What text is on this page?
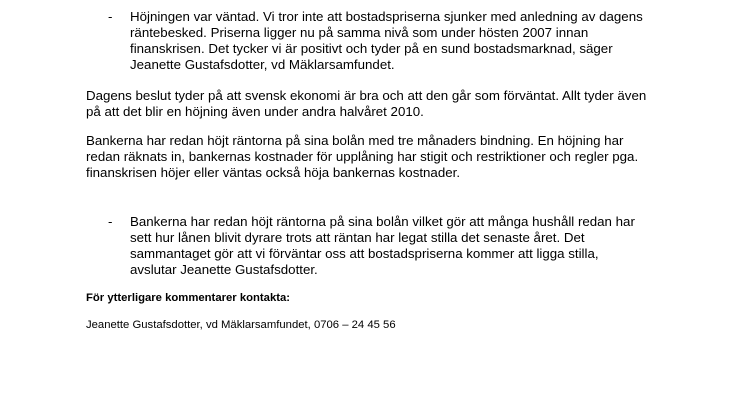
- Höjningen var väntad. Vi tror inte att bostadspriserna sjunker med anledning av dagens räntebesked. Priserna ligger nu på samma nivå som under hösten 2007 innan finanskrisen. Det tycker vi är positivt och tyder på en sund bostadsmarknad, säger Jeanette Gustafsdotter, vd Mäklarsamfundet.
Dagens beslut tyder på att svensk ekonomi är bra och att den går som förväntat. Allt tyder även på att det blir en höjning även under andra halvåret 2010.
Bankerna har redan höjt räntorna på sina bolån med tre månaders bindning. En höjning har redan räknats in, bankernas kostnader för upplåning har stigit och restriktioner och regler pga. finanskrisen höjer eller väntas också höja bankernas kostnader.
- Bankerna har redan höjt räntorna på sina bolån vilket gör att många hushåll redan har sett hur lånen blivit dyrare trots att räntan har legat stilla det senaste året. Det sammantaget gör att vi förväntar oss att bostadspriserna kommer att ligga stilla, avslutar Jeanette Gustafsdotter.
För ytterligare kommentarer kontakta:
Jeanette Gustafsdotter, vd Mäklarsamfundet, 0706 – 24 45 56
